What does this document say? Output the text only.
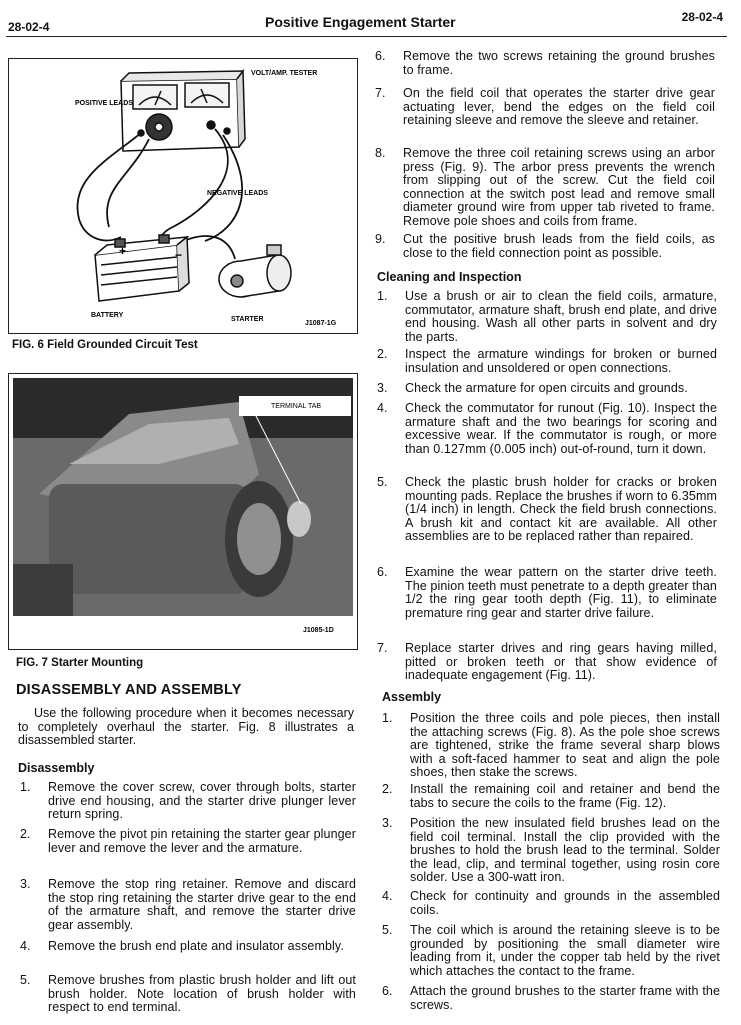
28-02-4	Positive Engagement Starter	28-02-4
VOLT/AMP. TESTER
POSITIVE LEADS
NEGATIVE LEADS
+	−
BATTERY
STARTER
J1087-1G
FIG. 6 Field Grounded Circuit Test
TERMINAL TAB
J1085-1D
FIG. 7 Starter Mounting
DISASSEMBLY AND ASSEMBLY
Use the following procedure when it becomes necessary to completely overhaul the starter. Fig. 8 illustrates a disassembled starter.
Disassembly
1.	Remove the cover screw, cover through bolts, starter drive end housing, and the starter drive plunger lever return spring.
2.	Remove the pivot pin retaining the starter gear plunger lever and remove the lever and the armature.
3.	Remove the stop ring retainer. Remove and discard the stop ring retaining the starter drive gear to the end of the armature shaft, and remove the starter drive gear assembly.
4.	Remove the brush end plate and insulator assembly.
5.	Remove brushes from plastic brush holder and lift out brush holder. Note location of brush holder with respect to end terminal.
6.	Remove the two screws retaining the ground brushes to frame.
7.	On the field coil that operates the starter drive gear actuating lever, bend the edges on the field coil retaining sleeve and remove the sleeve and retainer.
8.	Remove the three coil retaining screws using an arbor press (Fig. 9). The arbor press prevents the wrench from slipping out of the screw. Cut the field coil connection at the switch post lead and remove small diameter ground wire from upper tab riveted to frame. Remove pole shoes and coils from frame.
9.	Cut the positive brush leads from the field coils, as close to the field connection point as possible.
Cleaning and Inspection
1.	Use a brush or air to clean the field coils, armature, commutator, armature shaft, brush end plate, and drive end housing. Wash all other parts in solvent and dry the parts.
2.	Inspect the armature windings for broken or burned insulation and unsoldered or open connections.
3.	Check the armature for open circuits and grounds.
4.	Check the commutator for runout (Fig. 10). Inspect the armature shaft and the two bearings for scoring and excessive wear. If the commutator is rough, or more than 0.127mm (0.005 inch) out-of-round, turn it down.
5.	Check the plastic brush holder for cracks or broken mounting pads. Replace the brushes if worn to 6.35mm (1/4 inch) in length. Check the field brush connections. A brush kit and contact kit are available. All other assemblies are to be replaced rather than repaired.
6.	Examine the wear pattern on the starter drive teeth. The pinion teeth must penetrate to a depth greater than 1/2 the ring gear tooth depth (Fig. 11), to eliminate premature ring gear and starter drive failure.
7.	Replace starter drives and ring gears having milled, pitted or broken teeth or that show evidence of inadequate engagement (Fig. 11).
Assembly
1.	Position the three coils and pole pieces, then install the attaching screws (Fig. 8). As the pole shoe screws are tightened, strike the frame several sharp blows with a soft-faced hammer to seat and align the pole shoes, then stake the screws.
2.	Install the remaining coil and retainer and bend the tabs to secure the coils to the frame (Fig. 12).
3.	Position the new insulated field brushes lead on the field coil terminal. Install the clip provided with the brushes to hold the brush lead to the terminal. Solder the lead, clip, and terminal together, using rosin core solder. Use a 300-watt iron.
4.	Check for continuity and grounds in the assembled coils.
5.	The coil which is around the retaining sleeve is to be grounded by positioning the small diameter wire leading from it, under the copper tab held by the rivet which attaches the contact to the frame.
6.	Attach the ground brushes to the starter frame with the screws.
